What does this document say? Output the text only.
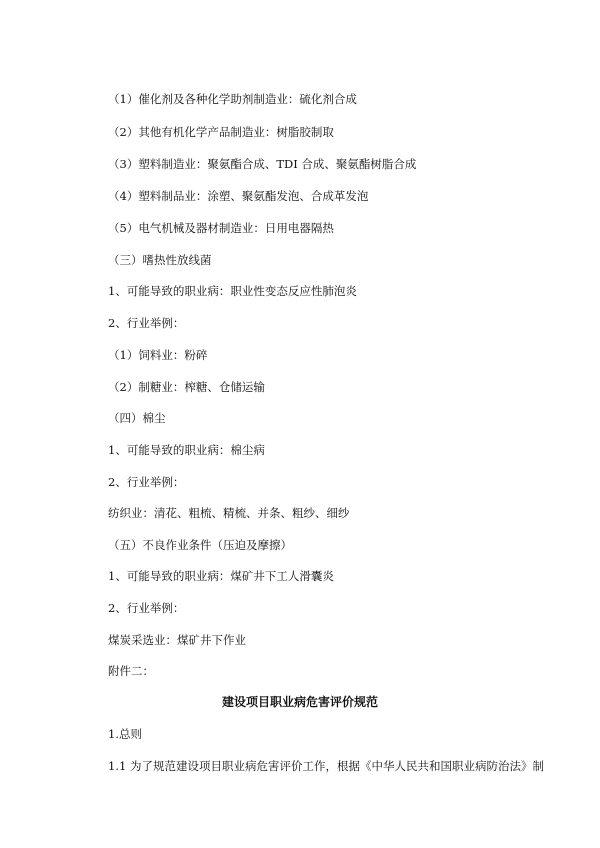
（1）催化剂及各种化学助剂制造业：硫化剂合成
（2）其他有机化学产品制造业：树脂胶制取
（3）塑料制造业：聚氨酯合成、TDI 合成、聚氨酯树脂合成
（4）塑料制品业：涂塑、聚氨酯发泡、合成革发泡
（5）电气机械及器材制造业：日用电器隔热
（三）嗜热性放线菌
1、可能导致的职业病：职业性变态反应性肺泡炎
2、行业举例：
（1）饲料业：粉碎
（2）制糖业：榨糖、仓储运输
（四）棉尘
1、可能导致的职业病：棉尘病
2、行业举例：
纺织业：清花、粗梳、精梳、并条、粗纱、细纱
（五）不良作业条件（压迫及摩擦）
1、可能导致的职业病：煤矿井下工人滑囊炎
2、行业举例：
煤炭采选业：煤矿井下作业
附件二：
建设项目职业病危害评价规范
1.总则
1.1 为了规范建设项目职业病危害评价工作，根据《中华人民共和国职业病防治法》制
